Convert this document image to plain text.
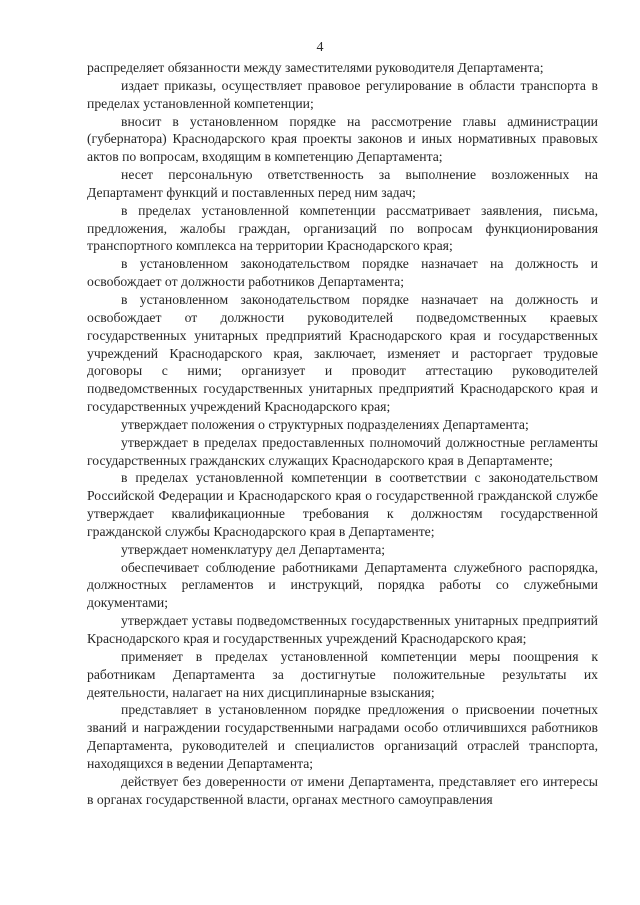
4

распределяет обязанности между заместителями руководителя Департамента;

издает приказы, осуществляет правовое регулирование в области транспорта в пределах установленной компетенции;

вносит в установленном порядке на рассмотрение главы администрации (губернатора) Краснодарского края проекты законов и иных нормативных правовых актов по вопросам, входящим в компетенцию Департамента;

несет персональную ответственность за выполнение возложенных на Департамент функций и поставленных перед ним задач;

в пределах установленной компетенции рассматривает заявления, письма, предложения, жалобы граждан, организаций по вопросам функционирования транспортного комплекса на территории Краснодарского края;

в установленном законодательством порядке назначает на должность и освобождает от должности работников Департамента;

в установленном законодательством порядке назначает на должность и освобождает от должности руководителей подведомственных краевых государственных унитарных предприятий Краснодарского края и государственных учреждений Краснодарского края, заключает, изменяет и расторгает трудовые договоры с ними; организует и проводит аттестацию руководителей подведомственных государственных унитарных предприятий Краснодарского края и государственных учреждений Краснодарского края;

утверждает положения о структурных подразделениях Департамента;

утверждает в пределах предоставленных полномочий должностные регламенты государственных гражданских служащих Краснодарского края в Департаменте;

в пределах установленной компетенции в соответствии с законодательством Российской Федерации и Краснодарского края о государственной гражданской службе утверждает квалификационные требования к должностям государственной гражданской службы Краснодарского края в Департаменте;

утверждает номенклатуру дел Департамента;

обеспечивает соблюдение работниками Департамента служебного распорядка, должностных регламентов и инструкций, порядка работы со служебными документами;

утверждает уставы подведомственных государственных унитарных предприятий Краснодарского края и государственных учреждений Краснодарского края;

применяет в пределах установленной компетенции меры поощрения к работникам Департамента за достигнутые положительные результаты их деятельности, налагает на них дисциплинарные взыскания;

представляет в установленном порядке предложения о присвоении почетных званий и награждении государственными наградами особо отличившихся работников Департамента, руководителей и специалистов организаций отраслей транспорта, находящихся в ведении Департамента;

действует без доверенности от имени Департамента, представляет его интересы в органах государственной власти, органах местного самоуправления
